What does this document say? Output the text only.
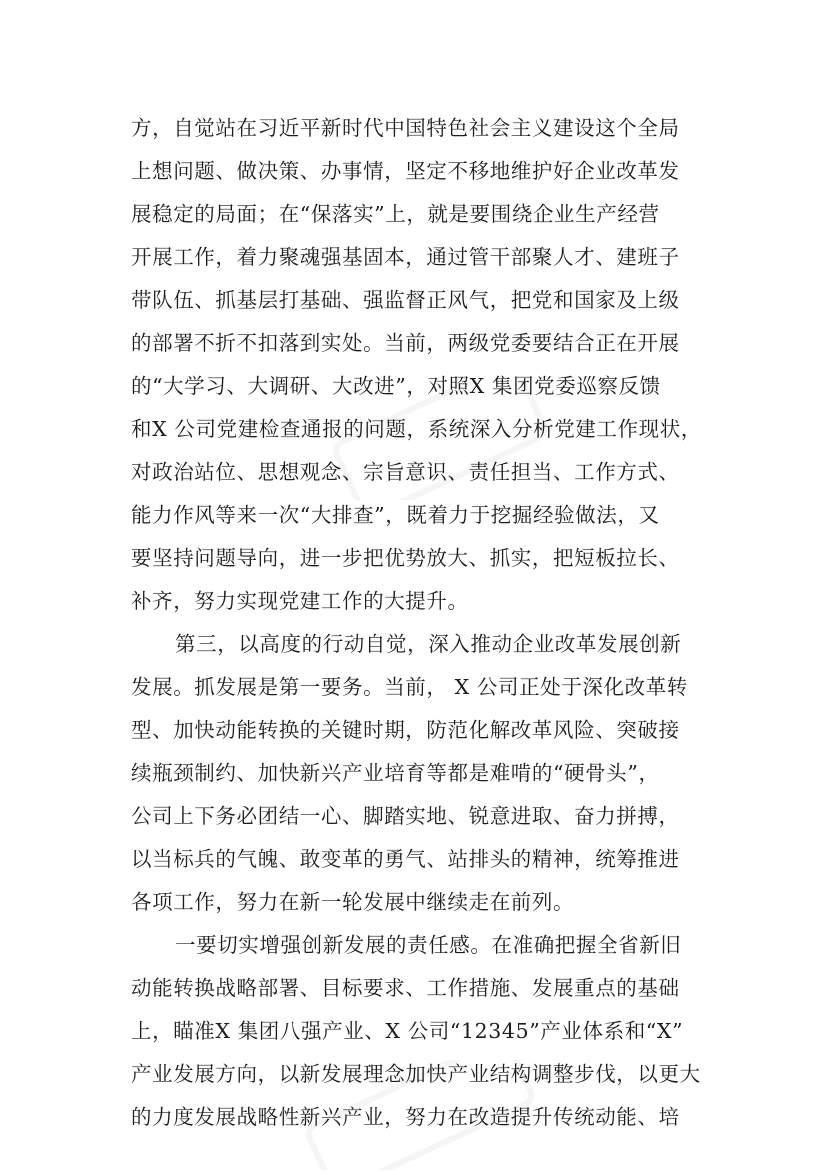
方，自觉站在习近平新时代中国特色社会主义建设这个全局
上想问题、做决策、办事情，坚定不移地维护好企业改革发
展稳定的局面；在“保落实”上，就是要围绕企业生产经营
开展工作，着力聚魂强基固本，通过管干部聚人才、建班子
带队伍、抓基层打基础、强监督正风气，把党和国家及上级
的部署不折不扣落到实处。当前，两级党委要结合正在开展
的“大学习、大调研、大改进”，对照X 集团党委巡察反馈
和X 公司党建检查通报的问题，系统深入分析党建工作现状，
对政治站位、思想观念、宗旨意识、责任担当、工作方式、
能力作风等来一次“大排查”，既着力于挖掘经验做法，又
要坚持问题导向，进一步把优势放大、抓实，把短板拉长、
补齐，努力实现党建工作的大提升。
第三，以高度的行动自觉，深入推动企业改革发展创新
发展。抓发展是第一要务。当前， X 公司正处于深化改革转
型、加快动能转换的关键时期，防范化解改革风险、突破接
续瓶颈制约、加快新兴产业培育等都是难啃的“硬骨头”，
公司上下务必团结一心、脚踏实地、锐意进取、奋力拼搏，
以当标兵的气魄、敢变革的勇气、站排头的精神，统筹推进
各项工作，努力在新一轮发展中继续走在前列。
一要切实增强创新发展的责任感。在准确把握全省新旧
动能转换战略部署、目标要求、工作措施、发展重点的基础
上，瞄准X 集团八强产业、X 公司“12345”产业体系和“X”
产业发展方向，以新发展理念加快产业结构调整步伐，以更大
的力度发展战略性新兴产业，努力在改造提升传统动能、培
